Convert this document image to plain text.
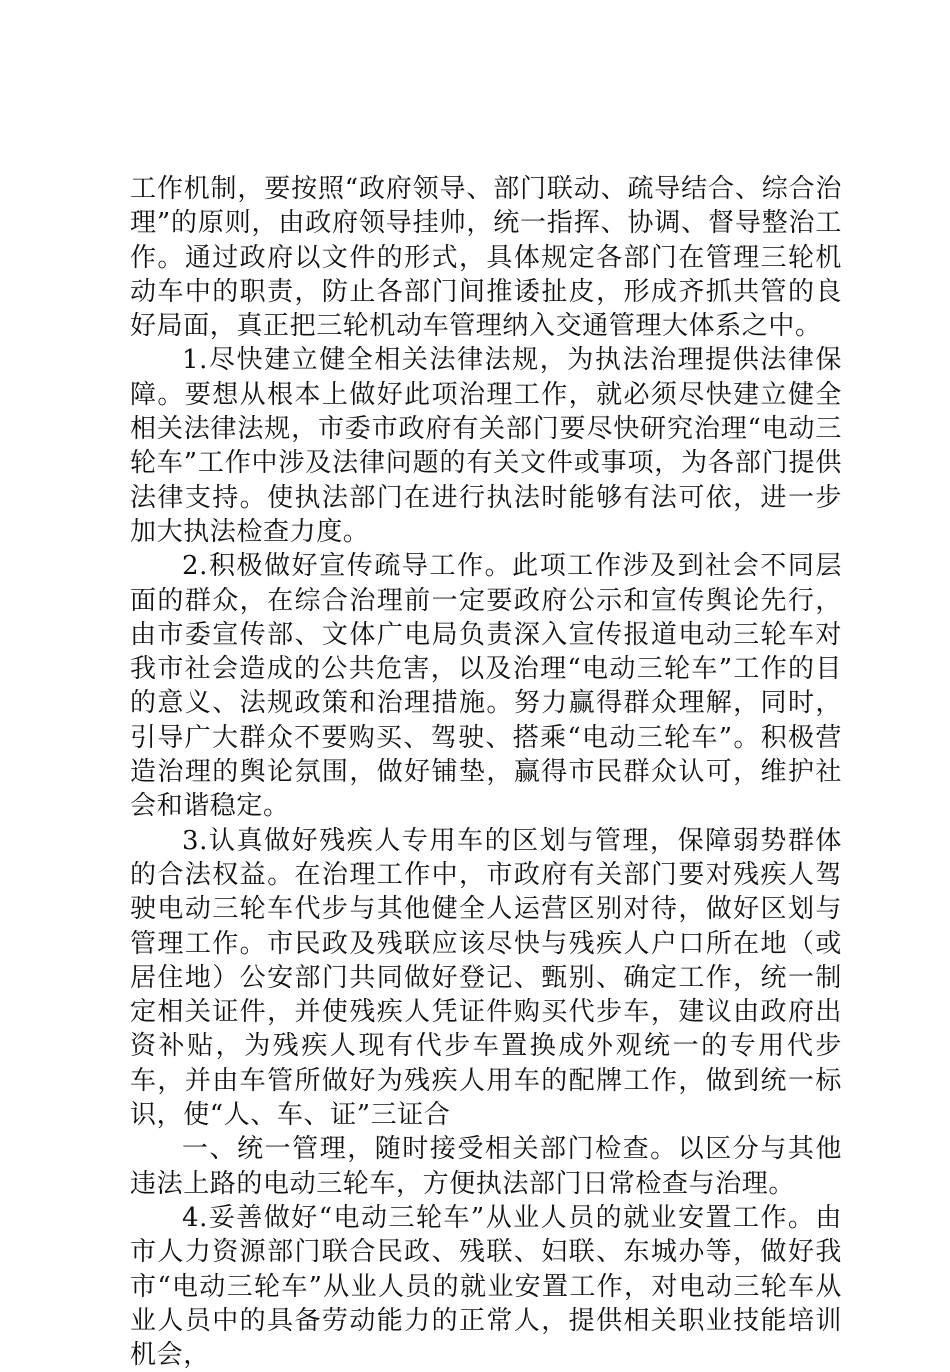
工作机制，要按照“政府领导、部门联动、疏导结合、综合治理”的原则，由政府领导挂帅，统一指挥、协调、督导整治工作。通过政府以文件的形式，具体规定各部门在管理三轮机动车中的职责，防止各部门间推诿扯皮，形成齐抓共管的良好局面，真正把三轮机动车管理纳入交通管理大体系之中。

1.尽快建立健全相关法律法规，为执法治理提供法律保障。要想从根本上做好此项治理工作，就必须尽快建立健全相关法律法规，市委市政府有关部门要尽快研究治理“电动三轮车”工作中涉及法律问题的有关文件或事项，为各部门提供法律支持。使执法部门在进行执法时能够有法可依，进一步加大执法检查力度。

2.积极做好宣传疏导工作。此项工作涉及到社会不同层面的群众，在综合治理前一定要政府公示和宣传舆论先行，由市委宣传部、文体广电局负责深入宣传报道电动三轮车对我市社会造成的公共危害，以及治理“电动三轮车”工作的目的意义、法规政策和治理措施。努力赢得群众理解，同时，引导广大群众不要购买、驾驶、搭乘“电动三轮车”。积极营造治理的舆论氛围，做好铺垫，赢得市民群众认可，维护社会和谐稳定。

3.认真做好残疾人专用车的区划与管理，保障弱势群体的合法权益。在治理工作中，市政府有关部门要对残疾人驾驶电动三轮车代步与其他健全人运营区别对待，做好区划与管理工作。市民政及残联应该尽快与残疾人户口所在地（或居住地）公安部门共同做好登记、甄别、确定工作，统一制定相关证件，并使残疾人凭证件购买代步车，建议由政府出资补贴，为残疾人现有代步车置换成外观统一的专用代步车，并由车管所做好为残疾人用车的配牌工作，做到统一标识，使“人、车、证”三证合

一、统一管理，随时接受相关部门检查。以区分与其他违法上路的电动三轮车，方便执法部门日常检查与治理。

4.妥善做好“电动三轮车”从业人员的就业安置工作。由市人力资源部门联合民政、残联、妇联、东城办等，做好我市“电动三轮车”从业人员的就业安置工作，对电动三轮车从业人员中的具备劳动能力的正常人，提供相关职业技能培训机会，
